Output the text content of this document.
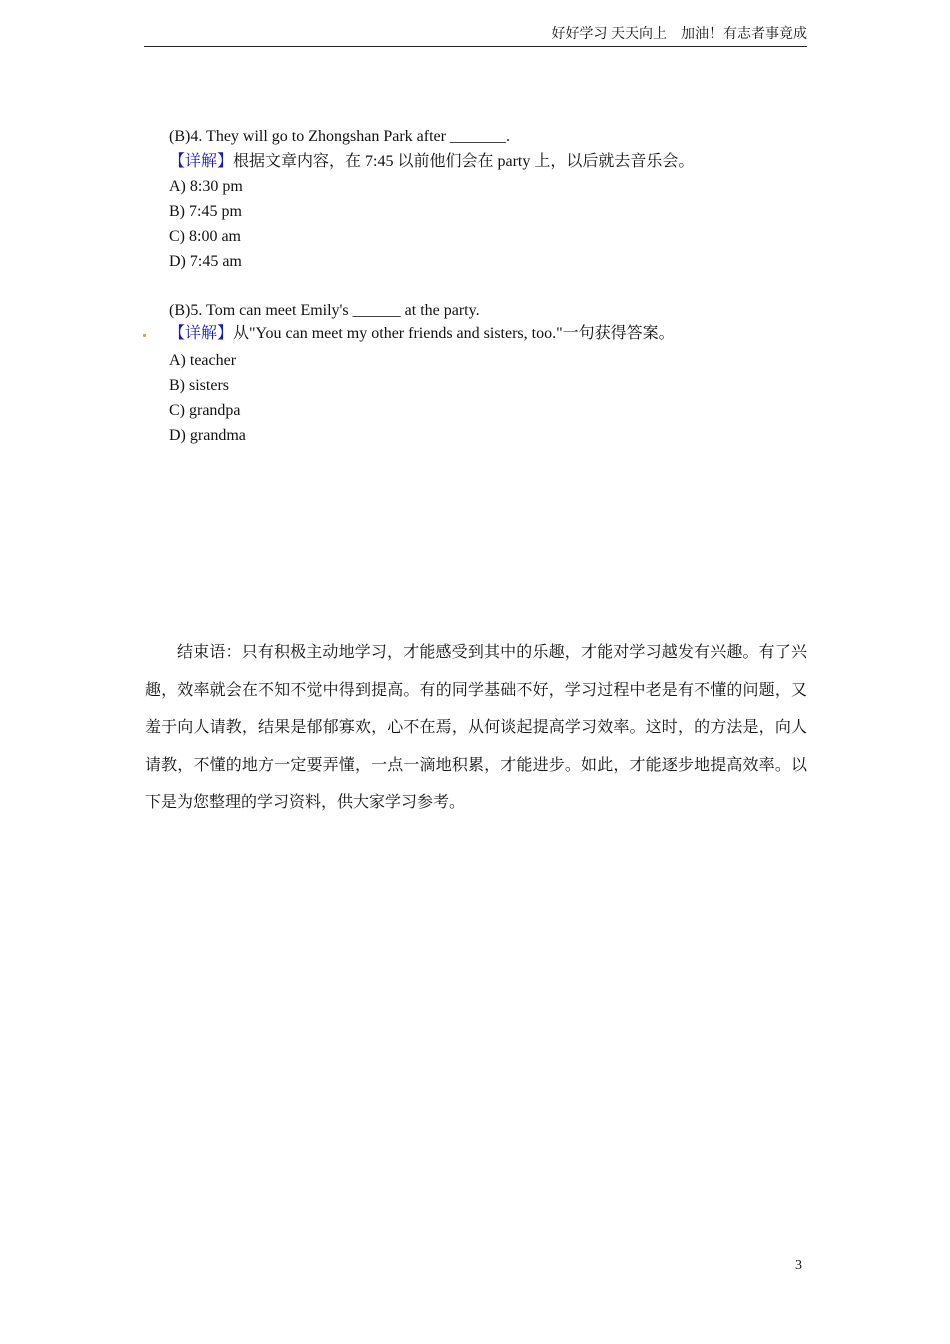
好好学习 天天向上　加油！有志者事竟成
(B)4. They will go to Zhongshan Park after _______.
【详解】根据文章内容，在 7:45 以前他们会在 party 上，以后就去音乐会。
A) 8:30 pm
B) 7:45 pm
C) 8:00 am
D) 7:45 am
(B)5. Tom can meet Emily's ______ at the party.
【详解】从"You can meet my other friends and sisters, too."一句获得答案。
A) teacher
B) sisters
C) grandpa
D) grandma
结束语：只有积极主动地学习，才能感受到其中的乐趣，才能对学习越发有兴趣。有了兴趣，效率就会在不知不觉中得到提高。有的同学基础不好，学习过程中老是有不懂的问题，又羞于向人请教，结果是郁郁寡欢，心不在焉，从何谈起提高学习效率。这时，的方法是，向人请教，不懂的地方一定要弄懂，一点一滴地积累，才能进步。如此，才能逐步地提高效率。以下是为您整理的学习资料，供大家学习参考。
3
